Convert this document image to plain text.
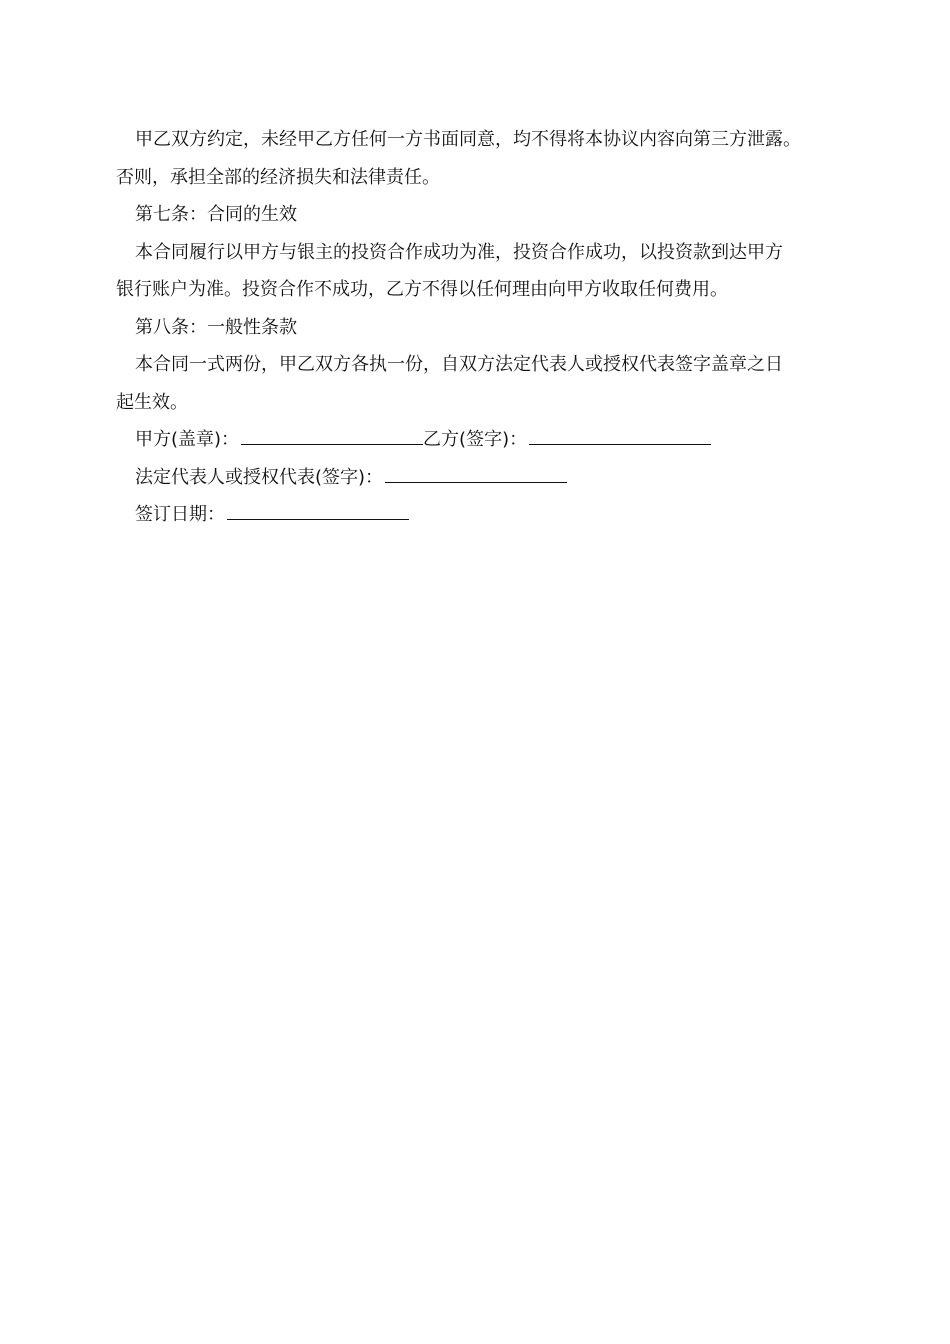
甲乙双方约定，未经甲乙方任何一方书面同意，均不得将本协议内容向第三方泄露。
否则，承担全部的经济损失和法律责任。
第七条：合同的生效
本合同履行以甲方与银主的投资合作成功为准，投资合作成功，以投资款到达甲方
银行账户为准。投资合作不成功，乙方不得以任何理由向甲方收取任何费用。
第八条：一般性条款
本合同一式两份，甲乙双方各执一份，自双方法定代表人或授权代表签字盖章之日
起生效。
甲方(盖章)：	乙方(签字)：
法定代表人或授权代表(签字)：
签订日期：
